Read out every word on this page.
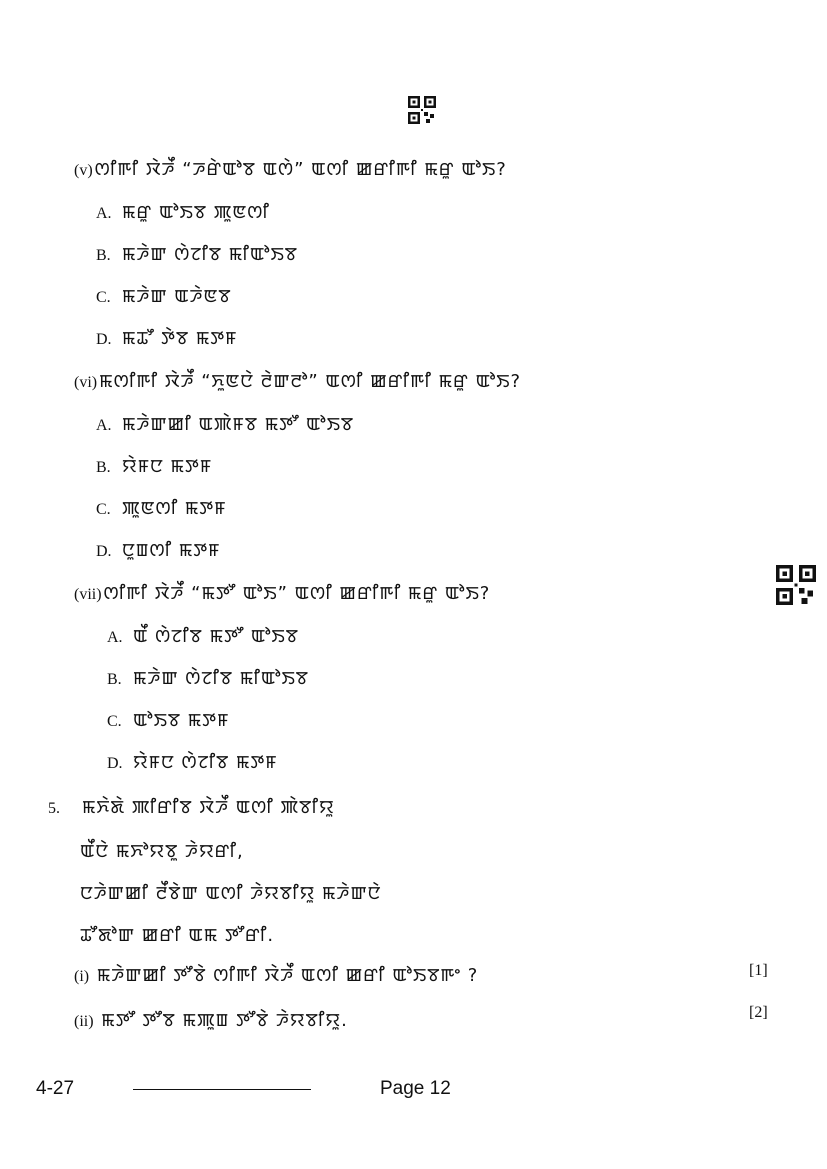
(v) ꯁꯤꯒꯤ ꯋꯥꯍꯩ “ꯍꯔꯥꯑꯣꯕ ꯑꯁꯥ” ꯑꯁꯤ ꯀꯔꯤꯒꯤ ꯃꯔꯨ ꯑꯣꯏ?
A. ꯃꯔꯨ ꯑꯣꯏꯕ ꯄꯨꯟꯁꯤ
B. ꯃꯍꯥꯛ ꯁꯥꯖꯤꯕ ꯃꯤꯑꯣꯏꯕ
C. ꯃꯍꯥꯛ ꯑꯍꯥꯟꯕ
D. ꯃꯊꯧ ꯇꯥꯕ ꯃꯇꯝ
(vi) ꯃꯁꯤꯒꯤ ꯋꯥꯍꯩ “ꯈꯨꯟꯅꯥ ꯂꯥꯛꯂꯣ” ꯑꯁꯤ ꯀꯔꯤꯒꯤ ꯃꯔꯨ ꯑꯣꯏ?
A. ꯃꯍꯥꯛꯀꯤ ꯑꯄꯥꯝꯕ ꯃꯇꯧ ꯑꯣꯏꯕ
B. ꯌꯥꯝꯅ ꯃꯇꯝ
C. ꯄꯨꯟꯁꯤ ꯃꯇꯝ
D. ꯅꯨꯡꯁꯤ ꯃꯇꯝ
(vii) ꯁꯤꯒꯤ ꯋꯥꯍꯩ “ꯃꯇꯧ ꯑꯣꯏ” ꯑꯁꯤ ꯀꯔꯤꯒꯤ ꯃꯔꯨ ꯑꯣꯏ?
A. ꯑꯩ ꯁꯥꯖꯤꯕ ꯃꯇꯧ ꯑꯣꯏꯕ
B. ꯃꯍꯥꯛ ꯁꯥꯖꯤꯕ ꯃꯤꯑꯣꯏꯕ
C. ꯑꯣꯏꯕ ꯃꯇꯝ
D. ꯌꯥꯝꯅ ꯁꯥꯖꯤꯕ ꯃꯇꯝ
5. ꯃꯈꯥꯗꯥ ꯄꯤꯔꯤꯕ ꯋꯥꯍꯩ ꯑꯁꯤ ꯄꯥꯕꯤꯌꯨ
ꯑꯩꯅꯥ ꯃꯈꯣꯌꯕꯨ ꯍꯥꯌꯔꯤ,
ꯅꯍꯥꯛꯀꯤ ꯂꯩꯕꯥꯛ ꯑꯁꯤ ꯍꯥꯌꯕꯤꯌꯨ ꯃꯍꯥꯛꯅꯥ
ꯊꯧꯗꯣꯛ ꯀꯔꯤ ꯑꯃ ꯇꯧꯔꯤ.
(i) ꯃꯍꯥꯛꯀꯤ ꯇꯧꯕꯥ ꯁꯤꯒꯤ ꯋꯥꯍꯩ ꯑꯁꯤ ꯀꯔꯤ ꯑꯣꯏꯕꯒꯦ ?	[1]
(ii) ꯃꯇꯧ ꯇꯧꯕ ꯃꯄꯨꯡ ꯇꯧꯕꯥ ꯍꯥꯌꯕꯤꯌꯨ.	[2]
4-27	Page 12
